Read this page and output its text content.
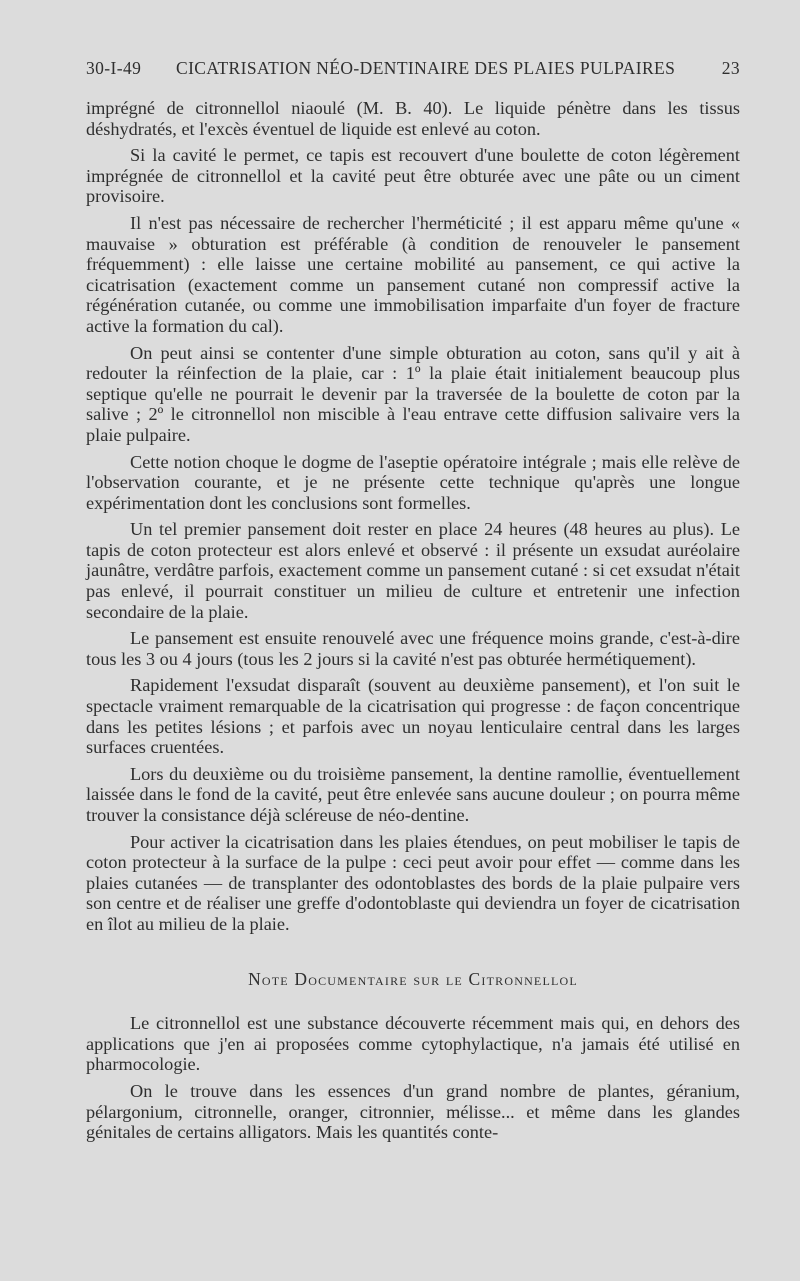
30-I-49 CICATRISATION NÉO-DENTINAIRE DES PLAIES PULPAIRES	23

imprégné de citronnellol niaoulé (M. B. 40). Le liquide pénètre dans les tissus déshydratés, et l'excès éventuel de liquide est enlevé au coton.

Si la cavité le permet, ce tapis est recouvert d'une boulette de coton légèrement imprégnée de citronnellol et la cavité peut être obturée avec une pâte ou un ciment provisoire.

Il n'est pas nécessaire de rechercher l'herméticité ; il est apparu même qu'une « mauvaise » obturation est préférable (à condition de renouveler le pansement fréquemment) : elle laisse une certaine mobilité au pansement, ce qui active la cicatrisation (exactement comme un pansement cutané non compressif active la régénération cutanée, ou comme une immobilisation imparfaite d'un foyer de fracture active la formation du cal).

On peut ainsi se contenter d'une simple obturation au coton, sans qu'il y ait à redouter la réinfection de la plaie, car : 1º la plaie était initialement beaucoup plus septique qu'elle ne pourrait le devenir par la traversée de la boulette de coton par la salive ; 2º le citronnellol non miscible à l'eau entrave cette diffusion salivaire vers la plaie pulpaire.

Cette notion choque le dogme de l'aseptie opératoire intégrale ; mais elle relève de l'observation courante, et je ne présente cette technique qu'après une longue expérimentation dont les conclusions sont formelles.

Un tel premier pansement doit rester en place 24 heures (48 heures au plus). Le tapis de coton protecteur est alors enlevé et observé : il présente un exsudat auréolaire jaunâtre, verdâtre parfois, exactement comme un pansement cutané : si cet exsudat n'était pas enlevé, il pourrait constituer un milieu de culture et entretenir une infection secondaire de la plaie.

Le pansement est ensuite renouvelé avec une fréquence moins grande, c'est-à-dire tous les 3 ou 4 jours (tous les 2 jours si la cavité n'est pas obturée hermétiquement).

Rapidement l'exsudat disparaît (souvent au deuxième pansement), et l'on suit le spectacle vraiment remarquable de la cicatrisation qui progresse : de façon concentrique dans les petites lésions ; et parfois avec un noyau lenticulaire central dans les larges surfaces cruentées.

Lors du deuxième ou du troisième pansement, la dentine ramollie, éventuellement laissée dans le fond de la cavité, peut être enlevée sans aucune douleur ; on pourra même trouver la consistance déjà scléreuse de néo-dentine.

Pour activer la cicatrisation dans les plaies étendues, on peut mobiliser le tapis de coton protecteur à la surface de la pulpe : ceci peut avoir pour effet — comme dans les plaies cutanées — de transplanter des odontoblastes des bords de la plaie pulpaire vers son centre et de réaliser une greffe d'odontoblaste qui deviendra un foyer de cicatrisation en îlot au milieu de la plaie.

Note Documentaire sur le Citronnellol

Le citronnellol est une substance découverte récemment mais qui, en dehors des applications que j'en ai proposées comme cytophylactique, n'a jamais été utilisé en pharmocologie.

On le trouve dans les essences d'un grand nombre de plantes, géranium, pélargonium, citronnelle, oranger, citronnier, mélisse... et même dans les glandes génitales de certains alligators. Mais les quantités conte-
